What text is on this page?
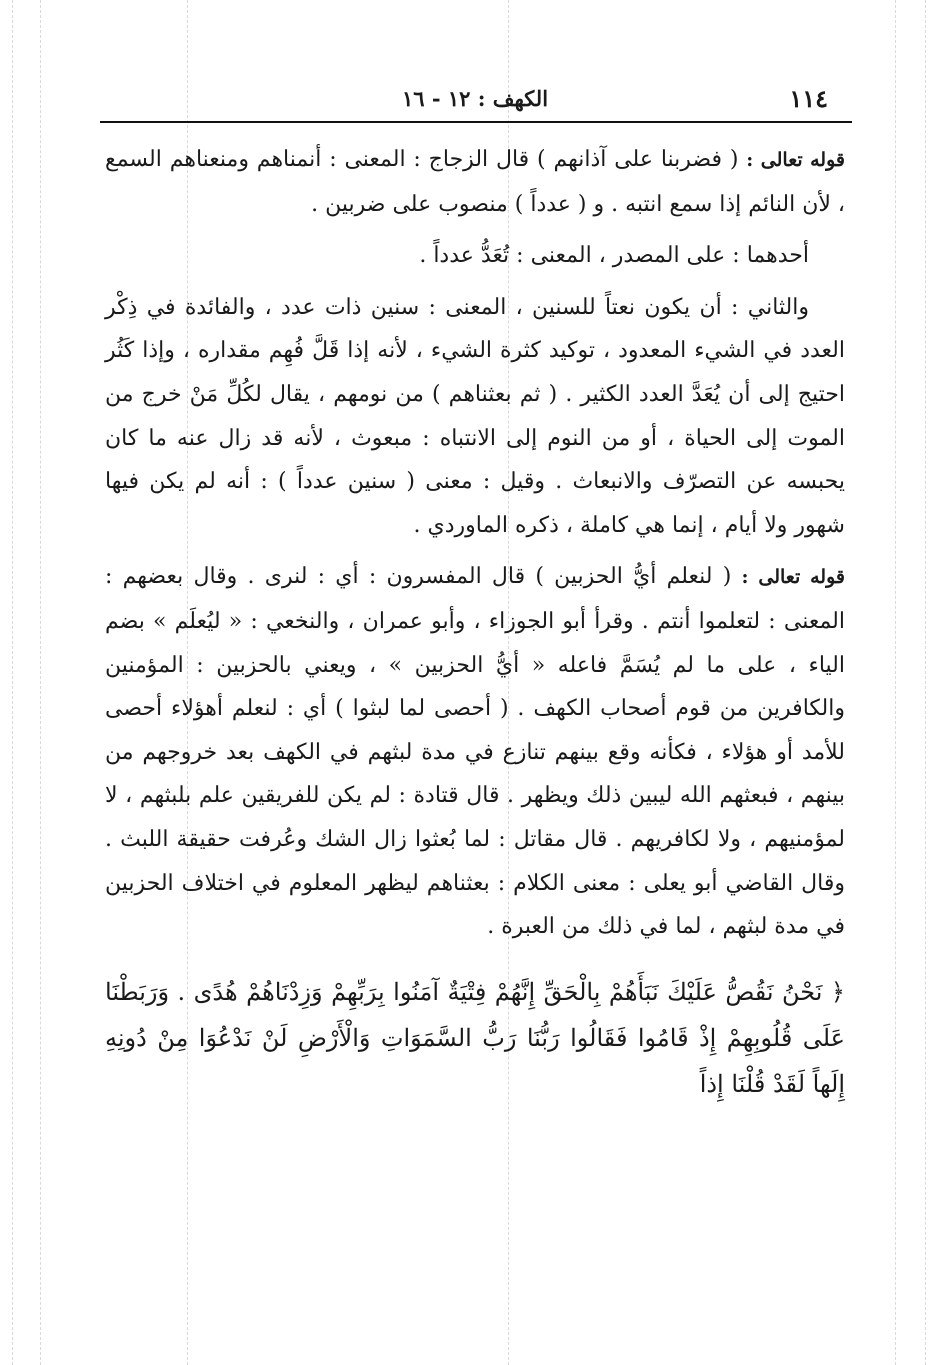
١١٤
الكهف : ١٢ - ١٦

قوله تعالى : ( فضربنا على آذانهم ) قال الزجاج : المعنى : أنمناهم ومنعناهم السمع ، لأن النائم إذا سمع انتبه . و ( عدداً ) منصوب على ضربين .

أحدهما : على المصدر ، المعنى : تُعَدُّ عدداً .

والثاني : أن يكون نعتاً للسنين ، المعنى : سنين ذات عدد ، والفائدة في ذِكْر العدد في الشيء المعدود ، توكيد كثرة الشيء ، لأنه إذا قَلَّ فُهِم مقداره ، وإذا كَثُر احتيج إلى أن يُعَدَّ العدد الكثير . ( ثم بعثناهم ) من نومهم ، يقال لكُلِّ مَنْ خرج من الموت إلى الحياة ، أو من النوم إلى الانتباه : مبعوث ، لأنه قد زال عنه ما كان يحبسه عن التصرّف والانبعاث . وقيل : معنى ( سنين عدداً ) : أنه لم يكن فيها شهور ولا أيام ، إنما هي كاملة ، ذكره الماوردي .

قوله تعالى : ( لنعلم أيُّ الحزبين ) قال المفسرون : أي : لنرى . وقال بعضهم : المعنى : لتعلموا أنتم . وقرأ أبو الجوزاء ، وأبو عمران ، والنخعي : « ليُعلَم » بضم الياء ، على ما لم يُسَمَّ فاعله « أيُّ الحزبين » ، ويعني بالحزبين : المؤمنين والكافرين من قوم أصحاب الكهف . ( أحصى لما لبثوا ) أي : لنعلم أهؤلاء أحصى للأمد أو هؤلاء ، فكأنه وقع بينهم تنازع في مدة لبثهم في الكهف بعد خروجهم من بينهم ، فبعثهم الله ليبين ذلك ويظهر . قال قتادة : لم يكن للفريقين علم بلبثهم ، لا لمؤمنيهم ، ولا لكافريهم . قال مقاتل : لما بُعثوا زال الشك وعُرفت حقيقة اللبث . وقال القاضي أبو يعلى : معنى الكلام : بعثناهم ليظهر المعلوم في اختلاف الحزبين في مدة لبثهم ، لما في ذلك من العبرة .

﴿ نَحْنُ نَقُصُّ عَلَيْكَ نَبَأَهُمْ بِالْحَقِّ إِنَّهُمْ فِتْيَةٌ آمَنُوا بِرَبِّهِمْ وَزِدْنَاهُمْ هُدًى . وَرَبَطْنَا عَلَى قُلُوبِهِمْ إِذْ قَامُوا فَقَالُوا رَبُّنَا رَبُّ السَّمَوَاتِ وَالْأَرْضِ لَنْ نَدْعُوَا مِنْ دُونِهِ إِلَهاً لَقَدْ قُلْنَا إِذاً
